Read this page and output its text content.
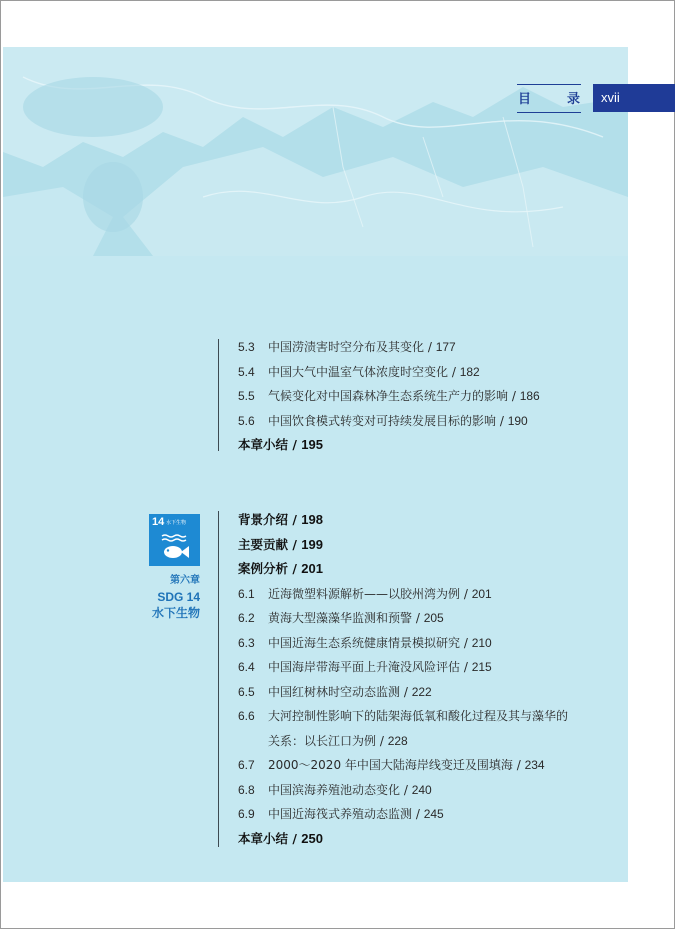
目	录	xvii
5.3 中国涝渍害时空分布及其变化 / 177
5.4 中国大气中温室气体浓度时空变化 / 182
5.5 气候变化对中国森林净生态系统生产力的影响 / 186
5.6 中国饮食模式转变对可持续发展目标的影响 / 190
本章小结 / 195
14 水下生物
第六章
SDG 14
水下生物
背景介绍 / 198
主要贡献 / 199
案例分析 / 201
6.1 近海微塑料源解析——以胶州湾为例 / 201
6.2 黄海大型藻藻华监测和预警 / 205
6.3 中国近海生态系统健康情景模拟研究 / 210
6.4 中国海岸带海平面上升淹没风险评估 / 215
6.5 中国红树林时空动态监测 / 222
6.6 大河控制性影响下的陆架海低氧和酸化过程及其与藻华的
关系：以长江口为例 / 228
6.7 2000～2020 年中国大陆海岸线变迁及围填海 / 234
6.8 中国滨海养殖池动态变化 / 240
6.9 中国近海筏式养殖动态监测 / 245
本章小结 / 250
